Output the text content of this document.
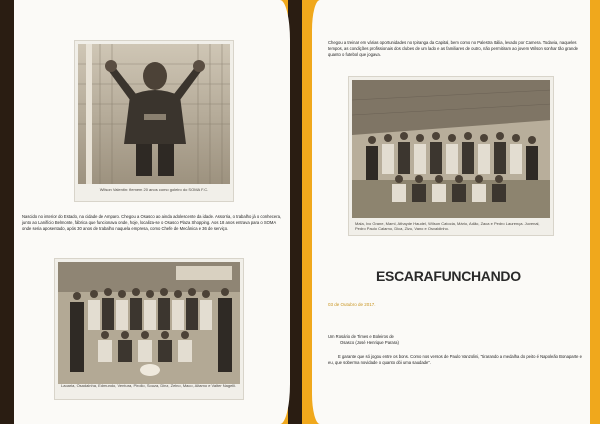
Wilson Valentin: fiemem 20 anos como goleiro do SOMA F.C.
Nascido no interior do Estado, na cidade de Amparo. Chegou a Osasco ao ainda adolescente da idade. Assorria, o trabalho já o conhecera, junto ao Lanifício Belmonte, fábrica que funcionava onde, hoje, localiza-se o Osasco Plaza Shopping. Aos 18 anos entrava para o SOMA onde seria aposentado, após 30 anos de trabalho naquela empresa, como Chefe de Mecânica e 36 de serviço.
Laoaria, Osadalnha, Edmundo, Ventura, Pirollo, Souza, Dinz, Zelno, Maco, Altamo e Valter Nagelli.
Chegou a treinar em várias oportunidades no Ipiranga da Capital, bem como no Palestra Itália, levado por Camera. Todavia, naqueles tempos, as condições profissionais dos clubes de um lado e as familiares de outro, não permitiram ao jovem Wilson sonhar tão grande quanto o futebol que jogava.
Mala, Ivo Grane, Maml, Athayde Haudel, Wilson Catocia, Mário, Adão, Zaca e Pedro Laurença. Juvenal, Pedro Paulo Calarno, Dica, Zizu, Vano e Osvaldinho.
ESCARAFUNCHANDO
03 de Outubro de 2017.
Um Rosário de Times e Boleiros de
Osasco (José Henrique Parara)
E garante que só jogou entre os bons. Como nos versos de Paulo Vanzolini, "tirarando a medalha do peito é Napoleão Bonaparte e eu, que soberma novidade o quanto dói uma saudade".
